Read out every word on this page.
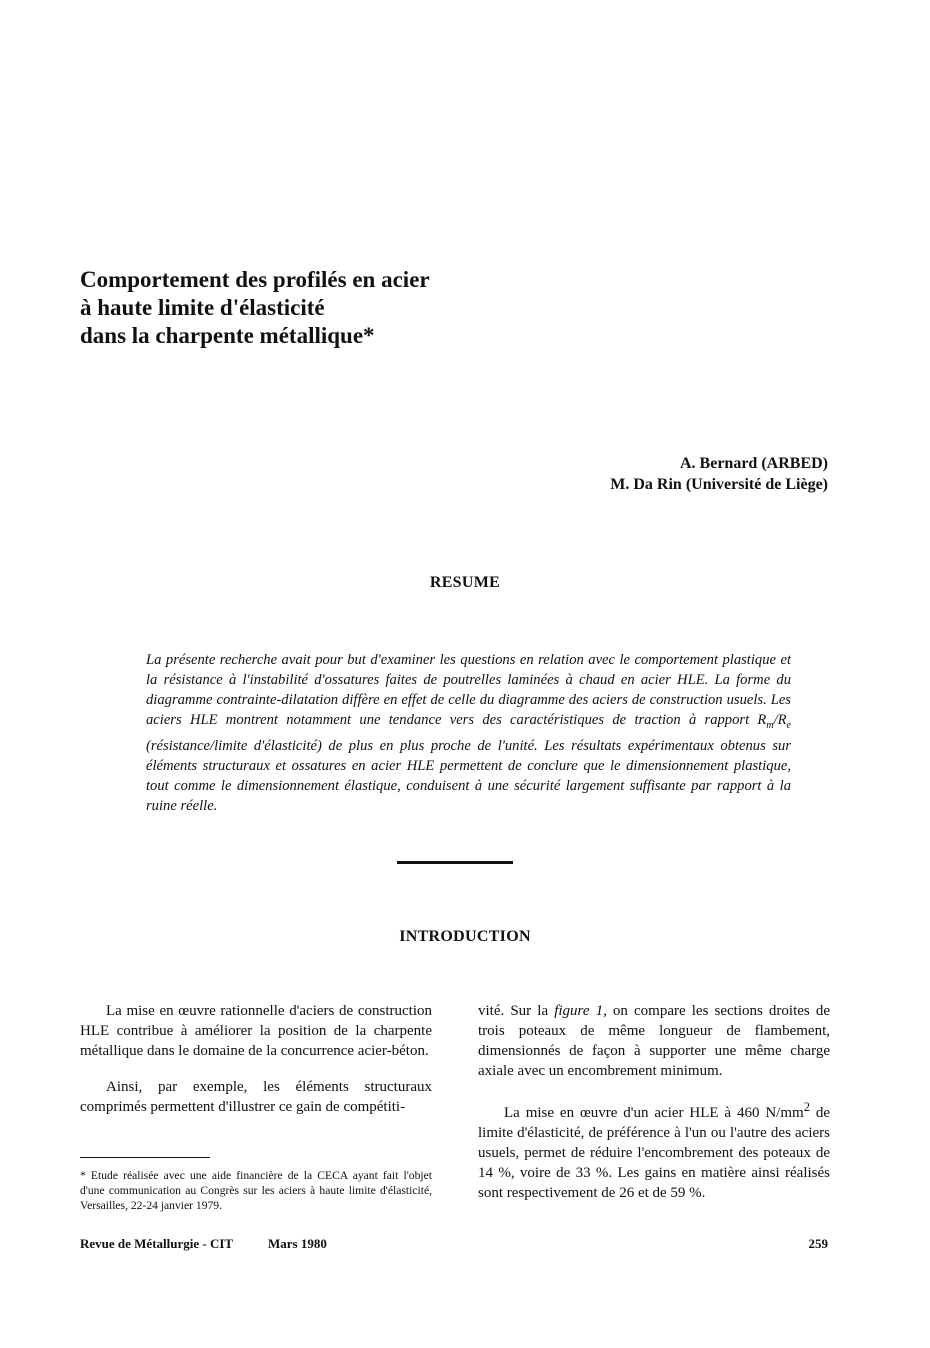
Comportement des profilés en acier
à haute limite d'élasticité
dans la charpente métallique*
A. Bernard (ARBED)
M. Da Rin (Université de Liège)
RESUME

La présente recherche avait pour but d'examiner les questions en relation avec le comportement plastique et la résistance à l'instabilité d'ossatures faites de poutrelles laminées à chaud en acier HLE. La forme du diagramme contrainte-dilatation diffère en effet de celle du diagramme des aciers de construction usuels. Les aciers HLE montrent notamment une tendance vers des caractéristiques de traction à rapport $R_m/R_e$ (résistance/limite d'élasticité) de plus en plus proche de l'unité. Les résultats expérimentaux obtenus sur éléments structuraux et ossatures en acier HLE permettent de conclure que le dimensionnement plastique, tout comme le dimensionnement élastique, conduisent à une sécurité largement suffisante par rapport à la ruine réelle.

INTRODUCTION

La mise en œuvre rationnelle d'aciers de construction HLE contribue à améliorer la position de la charpente métallique dans le domaine de la concurrence acier-béton.

Ainsi, par exemple, les éléments structuraux comprimés permettent d'illustrer ce gain de compétiti-

* Etude réalisée avec une aide financière de la CECA ayant fait l'objet d'une communication au Congrès sur les aciers à haute limite d'élasticité, Versailles, 22-24 janvier 1979.

vité. Sur la figure 1, on compare les sections droites de trois poteaux de même longueur de flambement, dimensionnés de façon à supporter une même charge axiale avec un encombrement minimum.

La mise en œuvre d'un acier HLE à 460 $N/mm^2$ de limite d'élasticité, de préférence à l'un ou l'autre des aciers usuels, permet de réduire l'encombrement des poteaux de 14 %, voire de 33 %. Les gains en matière ainsi réalisés sont respectivement de 26 et de 59 %.

Revue de Métallurgie - CIT	Mars 1980	259
